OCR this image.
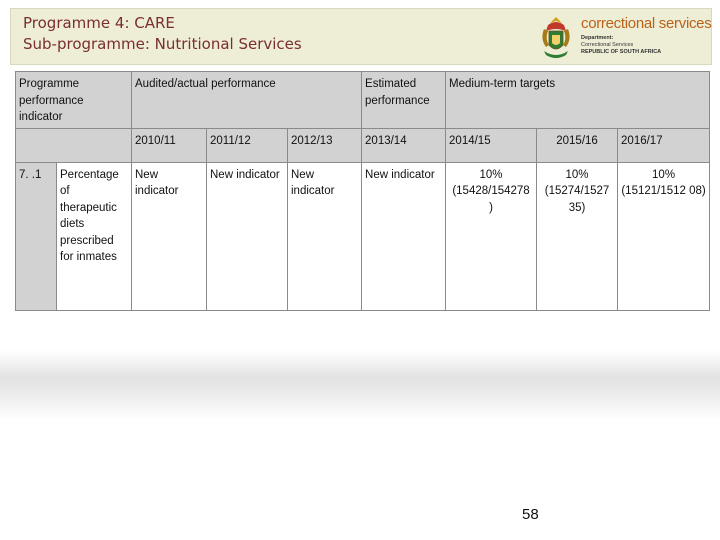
Programme 4: CARE
Sub-programme: Nutritional Services
correctional services
Department:
Correctional Services
REPUBLIC OF SOUTH AFRICA
Programme performance indicator		Audited/actual performance			Estimated performance	Medium-term targets		
		2010/11	2011/12	2012/13	2013/14	2014/15	2015/16	2016/17
7. .1	Percentage of therapeutic diets prescribed for inmates	New indicator	New indicator	New indicator	New indicator	10% (15428/154278 )	10% (15274/1527 35)	10% (15121/1512 08)
58
